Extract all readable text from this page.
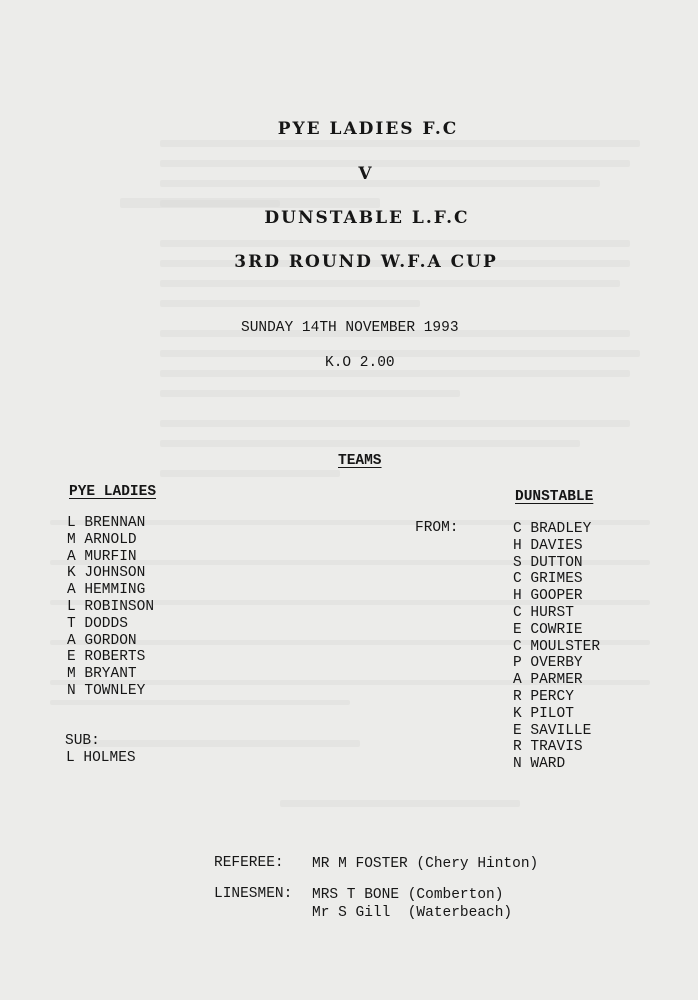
PYE LADIES F.C
V
DUNSTABLE L.F.C
3RD ROUND W.F.A CUP
SUNDAY 14TH NOVEMBER 1993
K.O 2.00
TEAMS
PYE LADIES
L BRENNAN
M ARNOLD
A MURFIN
K JOHNSON
A HEMMING
L ROBINSON
T DODDS
A GORDON
E ROBERTS
M BRYANT
N TOWNLEY
SUB:
L HOLMES
DUNSTABLE
FROM:	C BRADLEY
H DAVIES
S DUTTON
C GRIMES
H GOOPER
C HURST
E COWRIE
C MOULSTER
P OVERBY
A PARMER
R PERCY
K PILOT
E SAVILLE
R TRAVIS
N WARD
REFEREE: MR M FOSTER (Chery Hinton)
LINESMEN: MRS T BONE (Comberton)
Mr S Gill  (Waterbeach)
